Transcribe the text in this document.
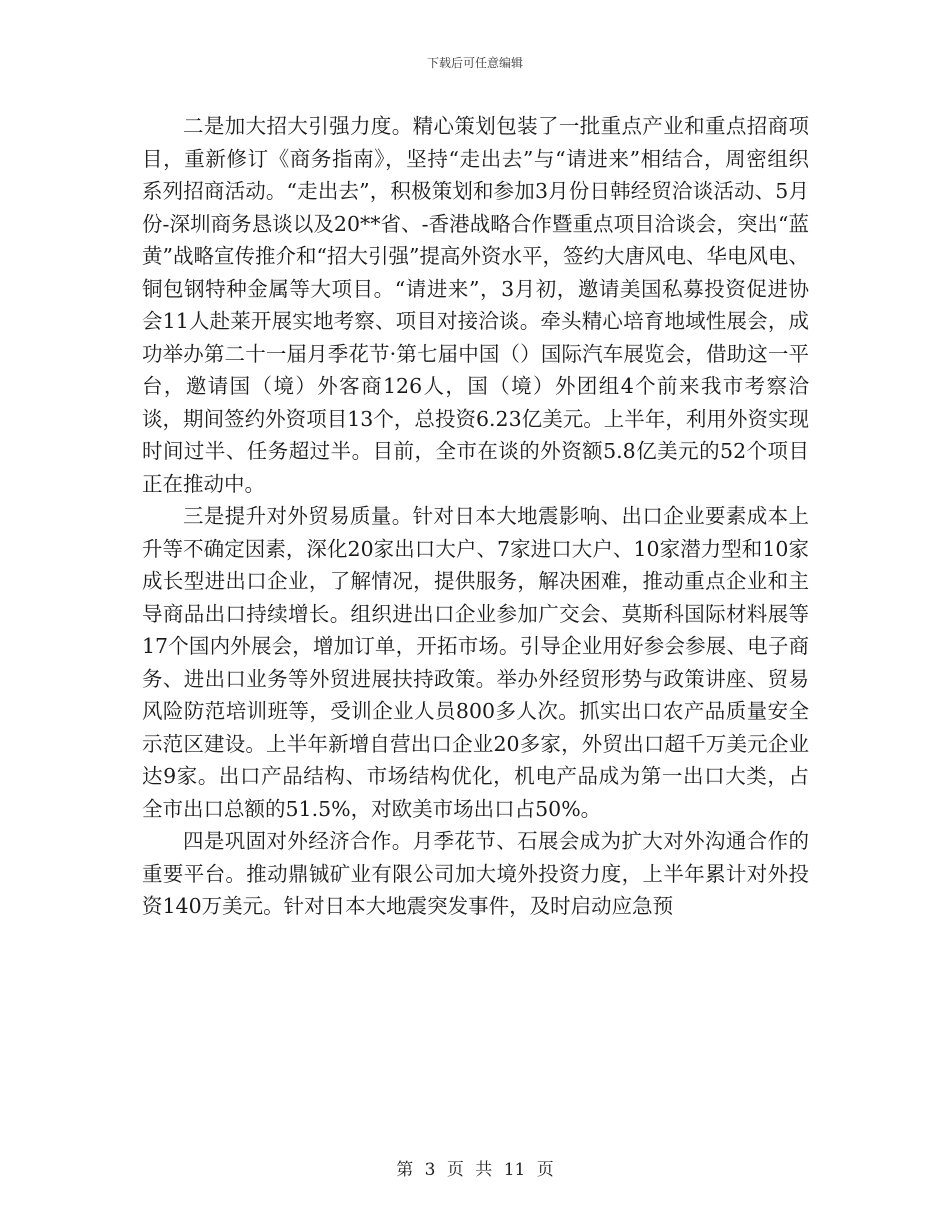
下载后可任意编辑

二是加大招大引强力度。精心策划包装了一批重点产业和重点招商项目，重新修订《商务指南》，坚持“走出去”与“请进来”相结合，周密组织系列招商活动。“走出去”，积极策划和参加3月份日韩经贸洽谈活动、5月份-深圳商务恳谈以及20**省、-香港战略合作暨重点项目洽谈会，突出“蓝黄”战略宣传推介和“招大引强”提高外资水平，签约大唐风电、华电风电、铜包钢特种金属等大项目。“请进来”，3月初，邀请美国私募投资促进协会11人赴莱开展实地考察、项目对接洽谈。牵头精心培育地域性展会，成功举办第二十一届月季花节·第七届中国（）国际汽车展览会，借助这一平台，邀请国（境）外客商126人，国（境）外团组4个前来我市考察洽谈，期间签约外资项目13个，总投资6.23亿美元。上半年，利用外资实现时间过半、任务超过半。目前，全市在谈的外资额5.8亿美元的52个项目正在推动中。

三是提升对外贸易质量。针对日本大地震影响、出口企业要素成本上升等不确定因素，深化20家出口大户、7家进口大户、10家潜力型和10家成长型进出口企业，了解情况，提供服务，解决困难，推动重点企业和主导商品出口持续增长。组织进出口企业参加广交会、莫斯科国际材料展等17个国内外展会，增加订单，开拓市场。引导企业用好参会参展、电子商务、进出口业务等外贸进展扶持政策。举办外经贸形势与政策讲座、贸易风险防范培训班等，受训企业人员800多人次。抓实出口农产品质量安全示范区建设。上半年新增自营出口企业20多家，外贸出口超千万美元企业达9家。出口产品结构、市场结构优化，机电产品成为第一出口大类，占全市出口总额的51.5%，对欧美市场出口占50%。

四是巩固对外经济合作。月季花节、石展会成为扩大对外沟通合作的重要平台。推动鼎铖矿业有限公司加大境外投资力度，上半年累计对外投资140万美元。针对日本大地震突发事件，及时启动应急预

第 3 页 共 11 页
